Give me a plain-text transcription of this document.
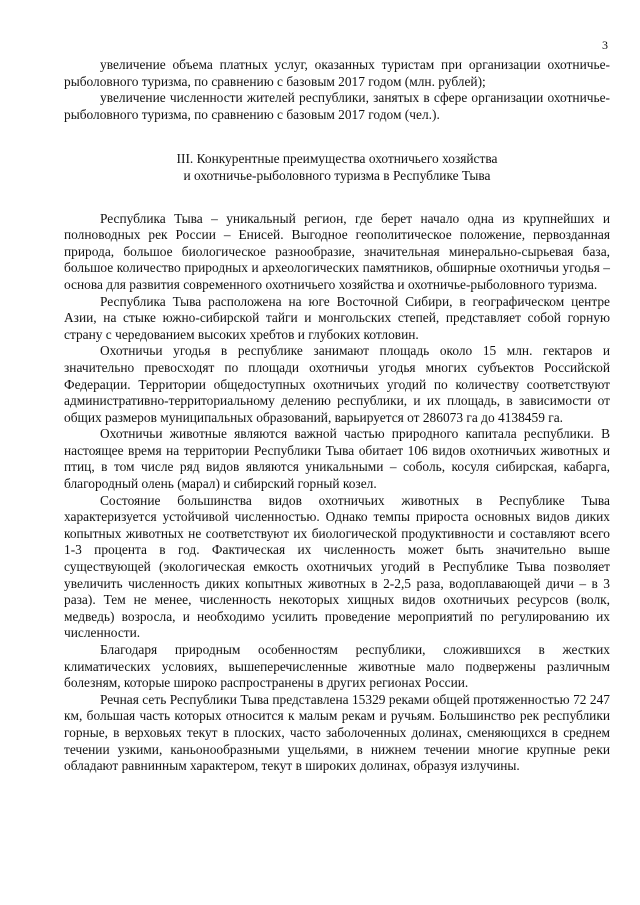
3

увеличение объема платных услуг, оказанных туристам при организации охотничье-рыболовного туризма, по сравнению с базовым 2017 годом (млн. рублей);

увеличение численности жителей республики, занятых в сфере организации охотничье-рыболовного туризма, по сравнению с базовым 2017 годом (чел.).

III. Конкурентные преимущества охотничьего хозяйства
и охотничье-рыболовного туризма в Республике Тыва

Республика Тыва – уникальный регион, где берет начало одна из крупнейших и полноводных рек России – Енисей. Выгодное геополитическое положение, первозданная природа, большое биологическое разнообразие, значительная минерально-сырьевая база, большое количество природных и археологических памятников, обширные охотничьи угодья – основа для развития современного охотничьего хозяйства и охотничье-рыболовного туризма.

Республика Тыва расположена на юге Восточной Сибири, в географическом центре Азии, на стыке южно-сибирской тайги и монгольских степей, представляет собой горную страну с чередованием высоких хребтов и глубоких котловин.

Охотничьи угодья в республике занимают площадь около 15 млн. гектаров и значительно превосходят по площади охотничьи угодья многих субъектов Российской Федерации. Территории общедоступных охотничьих угодий по количеству соответствуют административно-территориальному делению республики, и их площадь, в зависимости от общих размеров муниципальных образований, варьируется от 286073 га до 4138459 га.

Охотничьи животные являются важной частью природного капитала республики. В настоящее время на территории Республики Тыва обитает 106 видов охотничьих животных и птиц, в том числе ряд видов являются уникальными – соболь, косуля сибирская, кабарга, благородный олень (марал) и сибирский горный козел.

Состояние большинства видов охотничьих животных в Республике Тыва характеризуется устойчивой численностью. Однако темпы прироста основных видов диких копытных животных не соответствуют их биологической продуктивности и составляют всего 1-3 процента в год. Фактическая их численность может быть значительно выше существующей (экологическая емкость охотничьих угодий в Республике Тыва позволяет увеличить численность диких копытных животных в 2-2,5 раза, водоплавающей дичи – в 3 раза). Тем не менее, численность некоторых хищных видов охотничьих ресурсов (волк, медведь) возросла, и необходимо усилить проведение мероприятий по регулированию их численности.

Благодаря природным особенностям республики, сложившихся в жестких климатических условиях, вышеперечисленные животные мало подвержены различным болезням, которые широко распространены в других регионах России.

Речная сеть Республики Тыва представлена 15329 реками общей протяженностью 72 247 км, большая часть которых относится к малым рекам и ручьям. Большинство рек республики горные, в верховьях текут в плоских, часто заболоченных долинах, сменяющихся в среднем течении узкими, каньонообразными ущельями, в нижнем течении многие крупные реки обладают равнинным характером, текут в широких долинах, образуя излучины.
